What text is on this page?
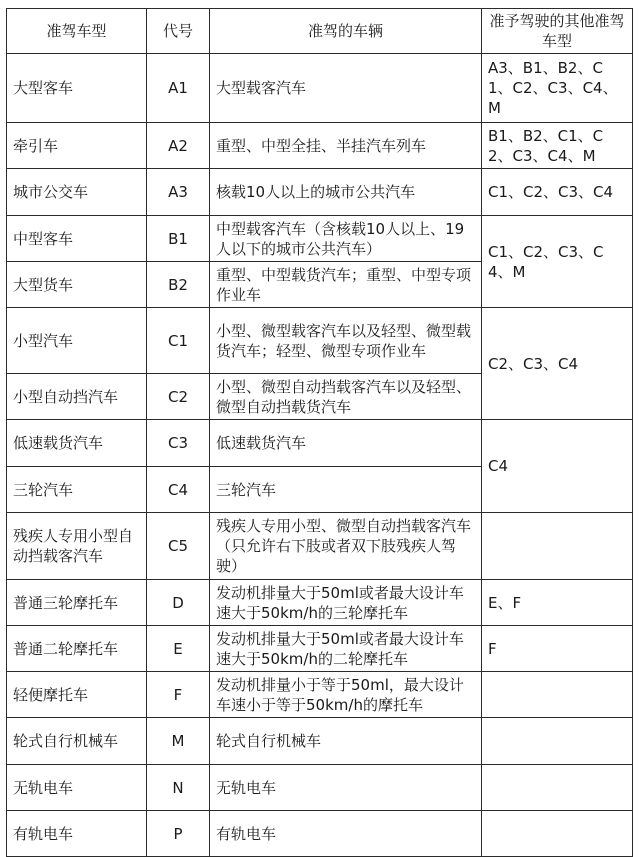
准驾车型	代号	准驾的车辆	准予驾驶的其他准驾车型
大型客车	A1	大型载客汽车	A3、B1、B2、C1、C2、C3、C4、M
牵引车	A2	重型、中型全挂、半挂汽车列车	B1、B2、C1、C2、C3、C4、M
城市公交车	A3	核载10人以上的城市公共汽车	C1、C2、C3、C4
中型客车	B1	中型载客汽车（含核载10人以上、19人以下的城市公共汽车）	C1、C2、C3、C4、M
大型货车	B2	重型、中型载货汽车；重型、中型专项作业车	
小型汽车	C1	小型、微型载客汽车以及轻型、微型载货汽车；轻型、微型专项作业车	C2、C3、C4
小型自动挡汽车	C2	小型、微型自动挡载客汽车以及轻型、微型自动挡载货汽车	
低速载货汽车	C3	低速载货汽车	C4
三轮汽车	C4	三轮汽车	
残疾人专用小型自动挡载客汽车	C5	残疾人专用小型、微型自动挡载客汽车（只允许右下肢或者双下肢残疾人驾驶）	
普通三轮摩托车	D	发动机排量大于50ml或者最大设计车速大于50km/h的三轮摩托车	E、F
普通二轮摩托车	E	发动机排量大于50ml或者最大设计车速大于50km/h的二轮摩托车	F
轻便摩托车	F	发动机排量小于等于50ml，最大设计车速小于等于50km/h的摩托车	
轮式自行机械车	M	轮式自行机械车	
无轨电车	N	无轨电车	
有轨电车	P	有轨电车	
